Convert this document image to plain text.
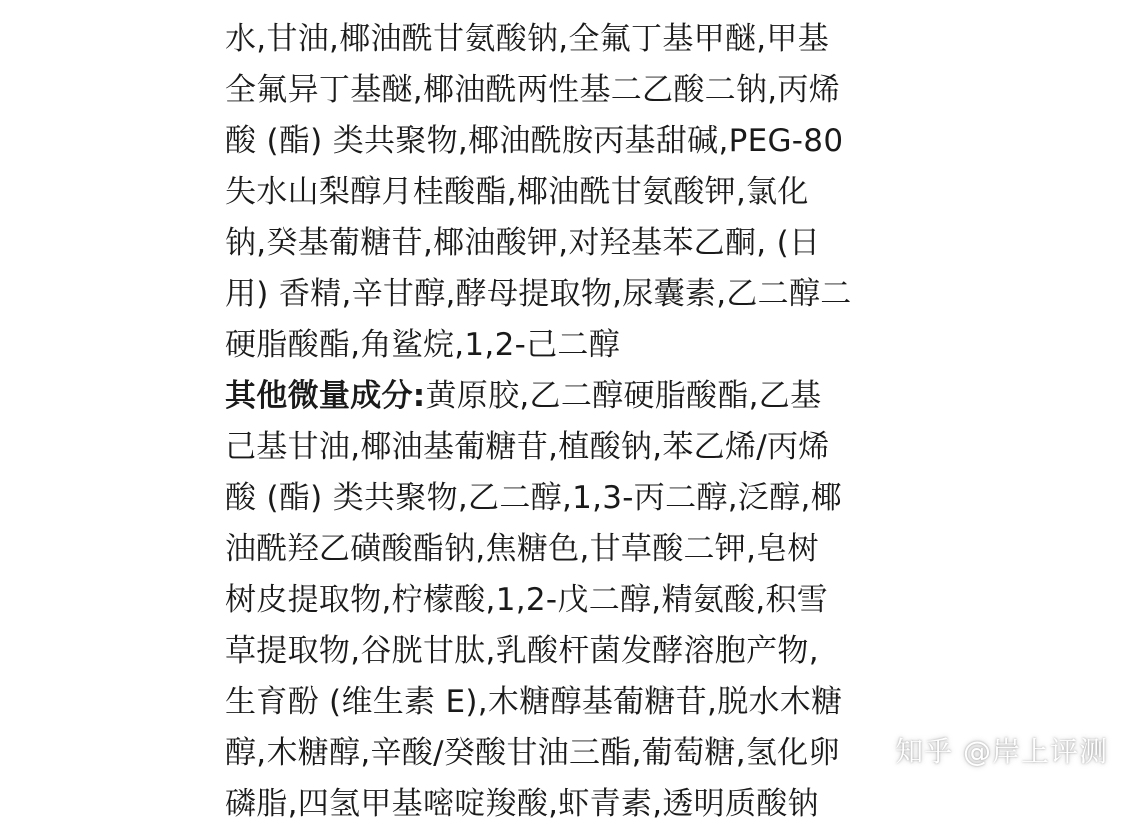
水,甘油,椰油酰甘氨酸钠,全氟丁基甲醚,甲基
全氟异丁基醚,椰油酰两性基二乙酸二钠,丙烯
酸 (酯) 类共聚物,椰油酰胺丙基甜碱,PEG-80
失水山梨醇月桂酸酯,椰油酰甘氨酸钾,氯化
钠,癸基葡糖苷,椰油酸钾,对羟基苯乙酮, (日
用) 香精,辛甘醇,酵母提取物,尿囊素,乙二醇二
硬脂酸酯,角鲨烷,1,2-己二醇
其他微量成分:黄原胶,乙二醇硬脂酸酯,乙基
己基甘油,椰油基葡糖苷,植酸钠,苯乙烯/丙烯
酸 (酯) 类共聚物,乙二醇,1,3-丙二醇,泛醇,椰
油酰羟乙磺酸酯钠,焦糖色,甘草酸二钾,皂树
树皮提取物,柠檬酸,1,2-戊二醇,精氨酸,积雪
草提取物,谷胱甘肽,乳酸杆菌发酵溶胞产物,
生育酚 (维生素 E),木糖醇基葡糖苷,脱水木糖
醇,木糖醇,辛酸/癸酸甘油三酯,葡萄糖,氢化卵
磷脂,四氢甲基嘧啶羧酸,虾青素,透明质酸钠
知乎 @岸上评测
